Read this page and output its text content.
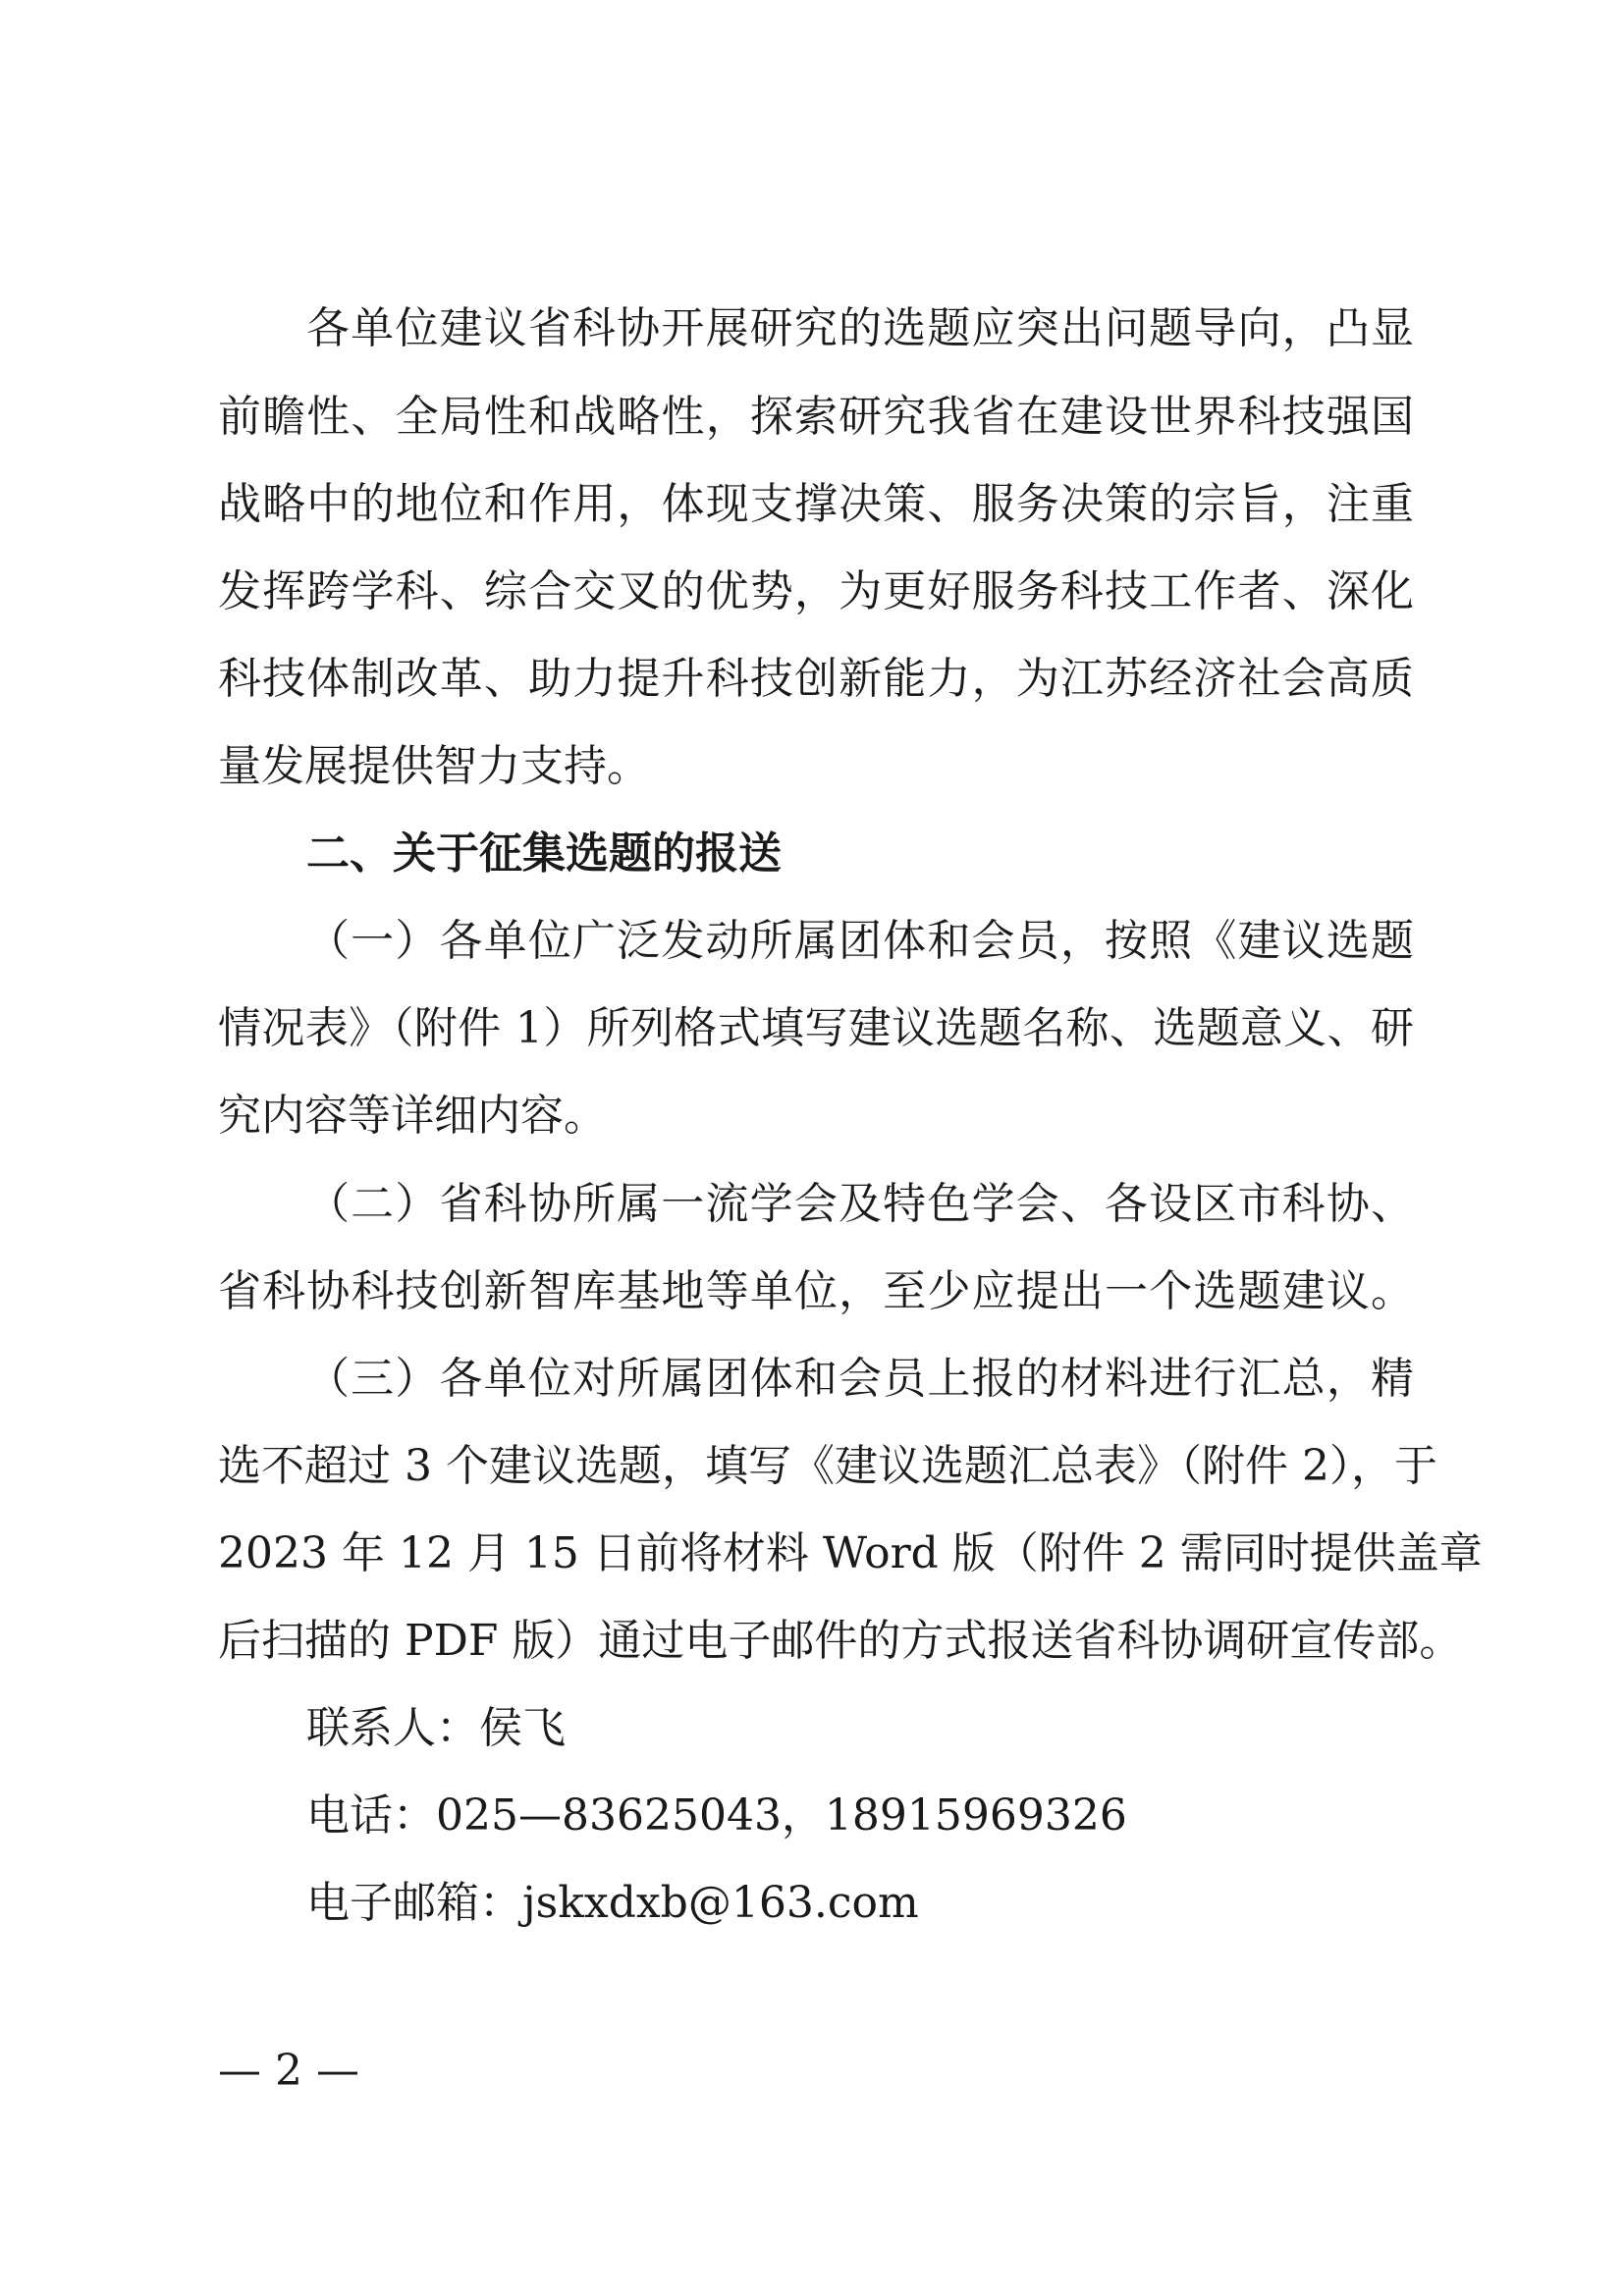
各单位建议省科协开展研究的选题应突出问题导向，凸显
前瞻性、全局性和战略性，探索研究我省在建设世界科技强国
战略中的地位和作用，体现支撑决策、服务决策的宗旨，注重
发挥跨学科、综合交叉的优势，为更好服务科技工作者、深化
科技体制改革、助力提升科技创新能力，为江苏经济社会高质
量发展提供智力支持。
二、关于征集选题的报送
（一）各单位广泛发动所属团体和会员，按照《建议选题
情况表》（附件 1）所列格式填写建议选题名称、选题意义、研
究内容等详细内容。
（二）省科协所属一流学会及特色学会、各设区市科协、
省科协科技创新智库基地等单位，至少应提出一个选题建议。
（三）各单位对所属团体和会员上报的材料进行汇总，精
选不超过 3 个建议选题，填写《建议选题汇总表》（附件 2），于
2023 年 12 月 15 日前将材料 Word 版（附件 2 需同时提供盖章
后扫描的 PDF 版）通过电子邮件的方式报送省科协调研宣传部。
联系人：侯飞
电话：025—83625043，18915969326
电子邮箱：jskxdxb@163.com
— 2 —
